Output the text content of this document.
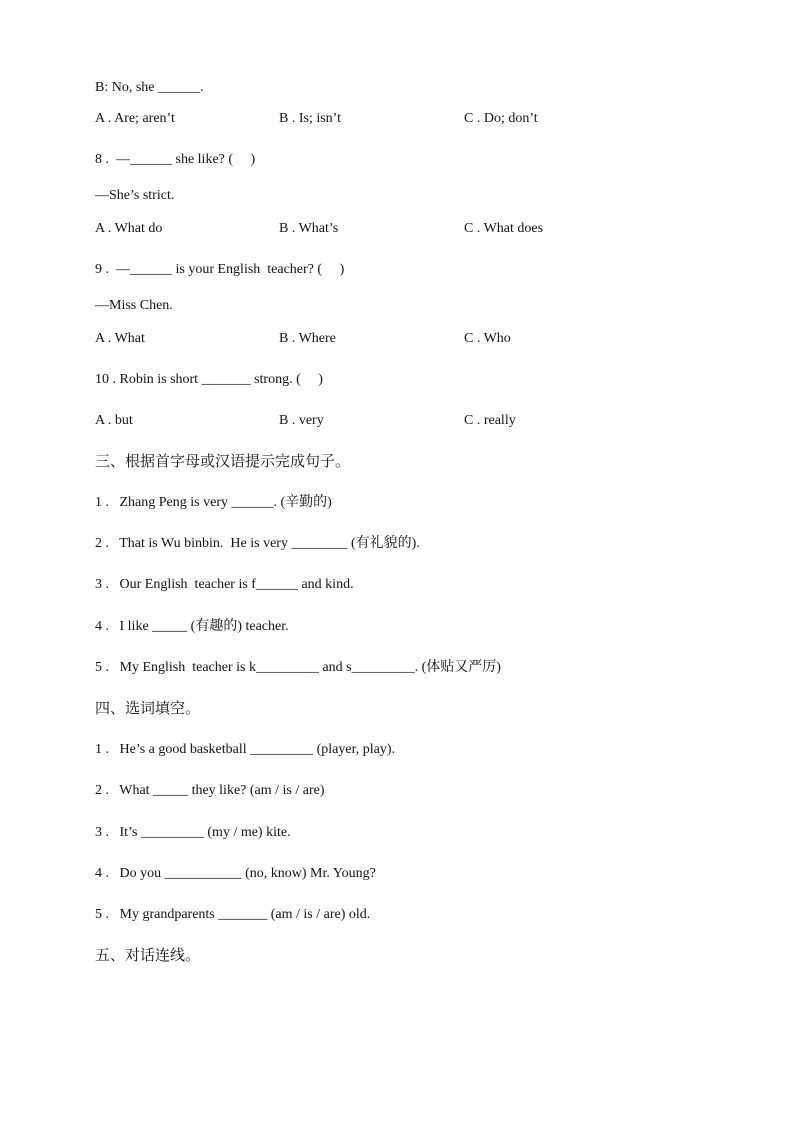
B: No, she ______.
A . Are; aren’t	B . Is; isn’t	C . Do; don’t
8 .  —______ she like? (     )
—She’s strict.
A . What do	B . What’s	C . What does
9 .  —______ is your English  teacher? (     )
—Miss Chen.
A . What	B . Where	C . Who
10 . Robin is short _______ strong. (     )
A . but	B . very	C . really
三、根据首字母或汉语提示完成句子。
1 .   Zhang Peng is very ______. (辛勤的)
2 .   That is Wu binbin.  He is very ________ (有礼貌的).
3 .   Our English  teacher is f______ and kind.
4 .   I like _____ (有趣的) teacher.
5 .   My English  teacher is k_________ and s_________. (体贴又严厉)
四、选词填空。
1 .   He’s a good basketball _________ (player, play).
2 .   What _____ they like? (am / is / are)
3 .   It’s _________ (my / me) kite.
4 .   Do you ___________ (no, know) Mr. Young?
5 .   My grandparents _______ (am / is / are) old.
五、对话连线。
